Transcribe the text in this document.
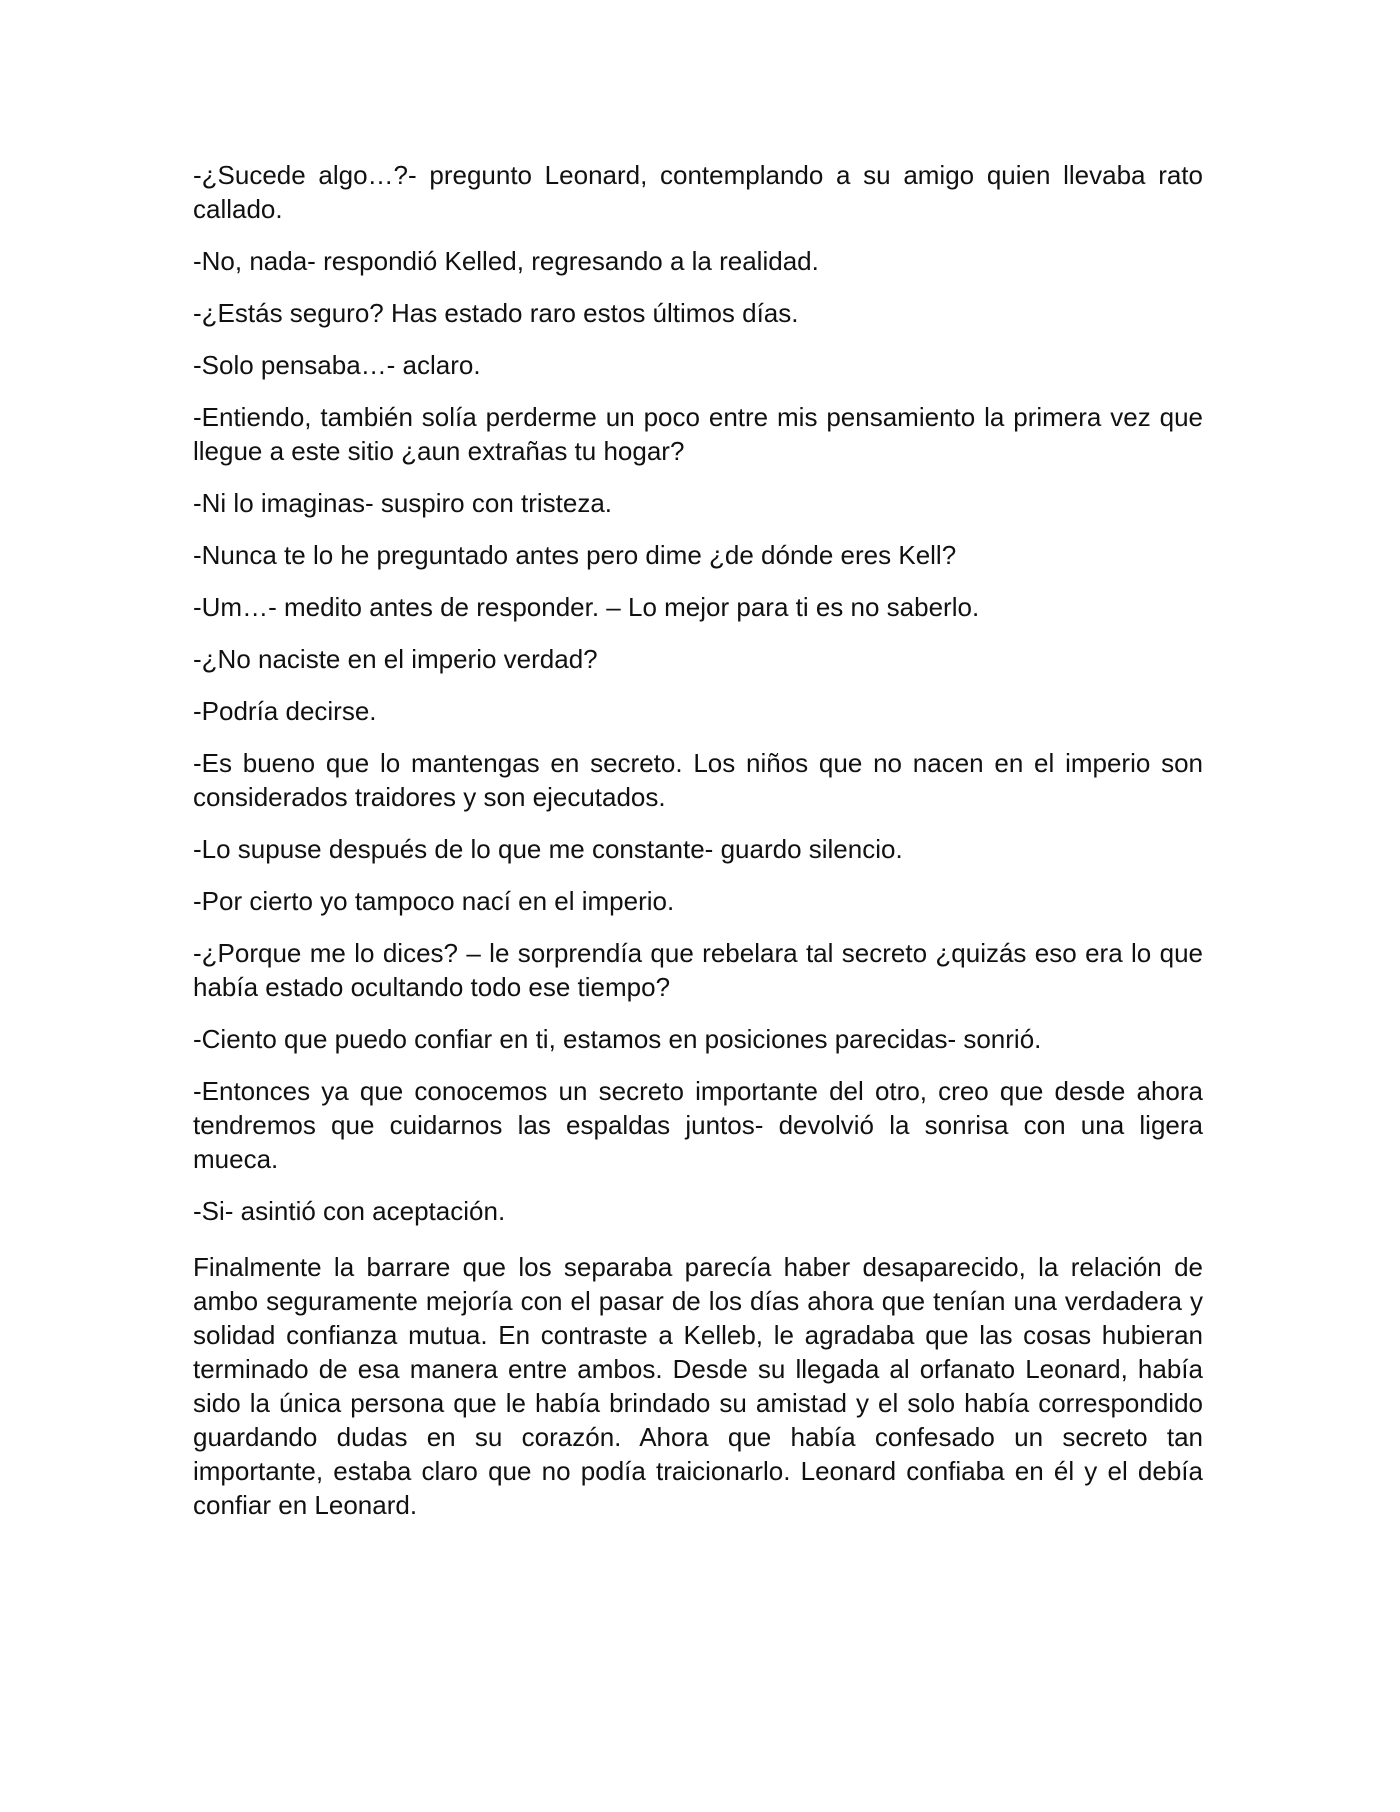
-¿Sucede algo…?- pregunto Leonard, contemplando a su amigo quien llevaba rato callado.

-No, nada- respondió Kelled, regresando a la realidad.

-¿Estás seguro? Has estado raro estos últimos días.

-Solo pensaba…- aclaro.

-Entiendo, también solía perderme un poco entre mis pensamiento la primera vez que llegue a este sitio ¿aun extrañas tu hogar?

-Ni lo imaginas- suspiro con tristeza.

-Nunca te lo he preguntado antes pero dime ¿de dónde eres Kell?

-Um…- medito antes de responder. – Lo mejor para ti es no saberlo.

-¿No naciste en el imperio verdad?

-Podría decirse.

-Es bueno que lo mantengas en secreto. Los niños que no nacen en el imperio son considerados traidores y son ejecutados.

-Lo supuse después de lo que me constante- guardo silencio.

-Por cierto yo tampoco nací en el imperio.

-¿Porque me lo dices? – le sorprendía que rebelara tal secreto ¿quizás eso era lo que había estado ocultando todo ese tiempo?

-Ciento que puedo confiar en ti, estamos en posiciones parecidas- sonrió.

-Entonces ya que conocemos un secreto importante del otro, creo que desde ahora tendremos que cuidarnos las espaldas juntos- devolvió la sonrisa con una ligera mueca.

-Si- asintió con aceptación.

Finalmente la barrare que los separaba parecía haber desaparecido, la relación de ambo seguramente mejoría con el pasar de los días ahora que tenían una verdadera y solidad confianza mutua. En contraste a Kelleb, le agradaba que las cosas hubieran terminado de esa manera entre ambos. Desde su llegada al orfanato Leonard, había sido la única persona que le había brindado su amistad y el solo había correspondido guardando dudas en su corazón. Ahora que había confesado un secreto tan importante, estaba claro que no podía traicionarlo. Leonard confiaba en él y el debía confiar en Leonard.
